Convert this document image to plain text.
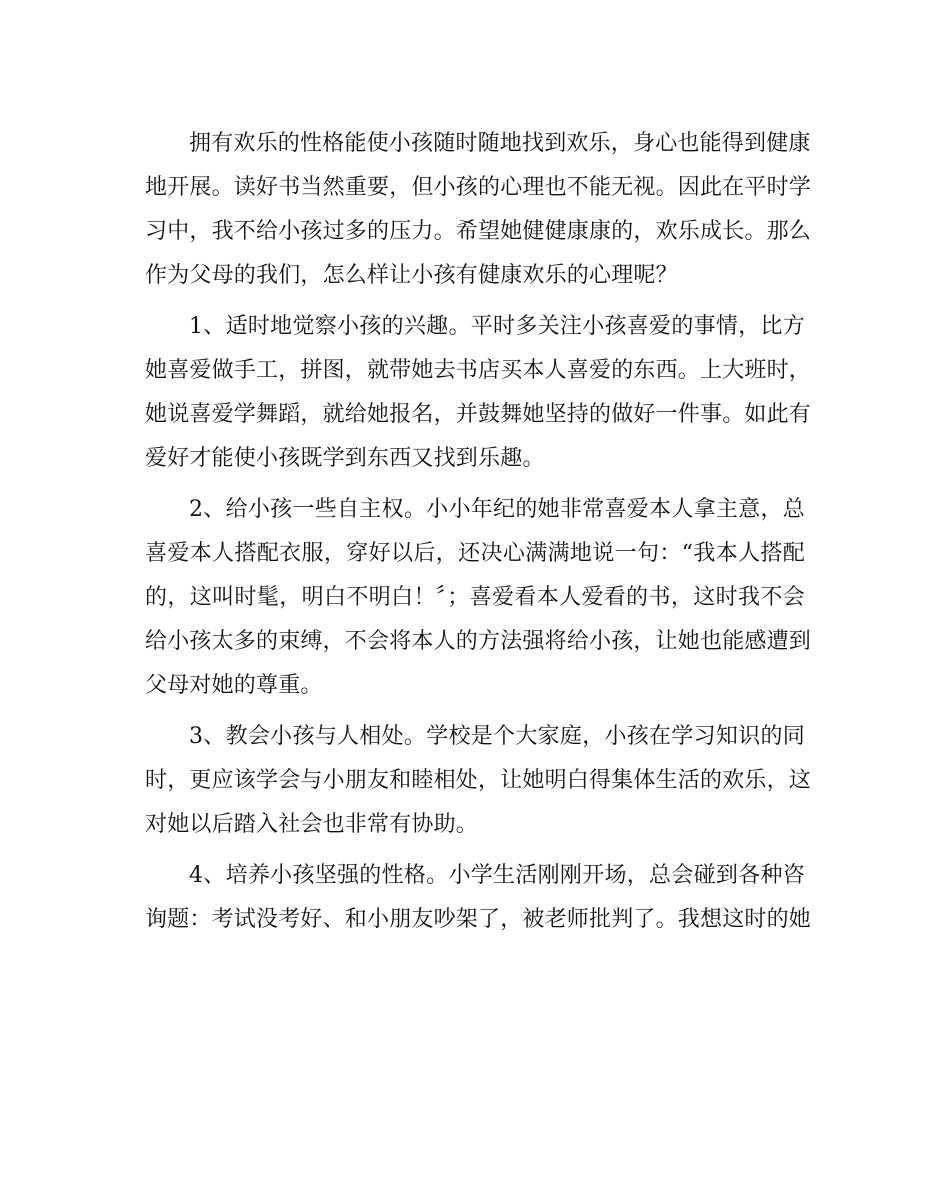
拥有欢乐的性格能使小孩随时随地找到欢乐，身心也能得到健康
地开展。读好书当然重要，但小孩的心理也不能无视。因此在平时学
习中，我不给小孩过多的压力。希望她健健康康的，欢乐成长。那么
作为父母的我们，怎么样让小孩有健康欢乐的心理呢？
1、适时地觉察小孩的兴趣。平时多关注小孩喜爱的事情，比方
她喜爱做手工，拼图，就带她去书店买本人喜爱的东西。上大班时，
她说喜爱学舞蹈，就给她报名，并鼓舞她坚持的做好一件事。如此有
爱好才能使小孩既学到东西又找到乐趣。
2、给小孩一些自主权。小小年纪的她非常喜爱本人拿主意，总
喜爱本人搭配衣服，穿好以后，还决心满满地说一句：“我本人搭配
的，这叫时髦，明白不明白！〞；喜爱看本人爱看的书，这时我不会
给小孩太多的束缚，不会将本人的方法强将给小孩，让她也能感遭到
父母对她的尊重。
3、教会小孩与人相处。学校是个大家庭，小孩在学习知识的同
时，更应该学会与小朋友和睦相处，让她明白得集体生活的欢乐，这
对她以后踏入社会也非常有协助。
4、培养小孩坚强的性格。小学生活刚刚开场，总会碰到各种咨
询题：考试没考好、和小朋友吵架了，被老师批判了。我想这时的她
